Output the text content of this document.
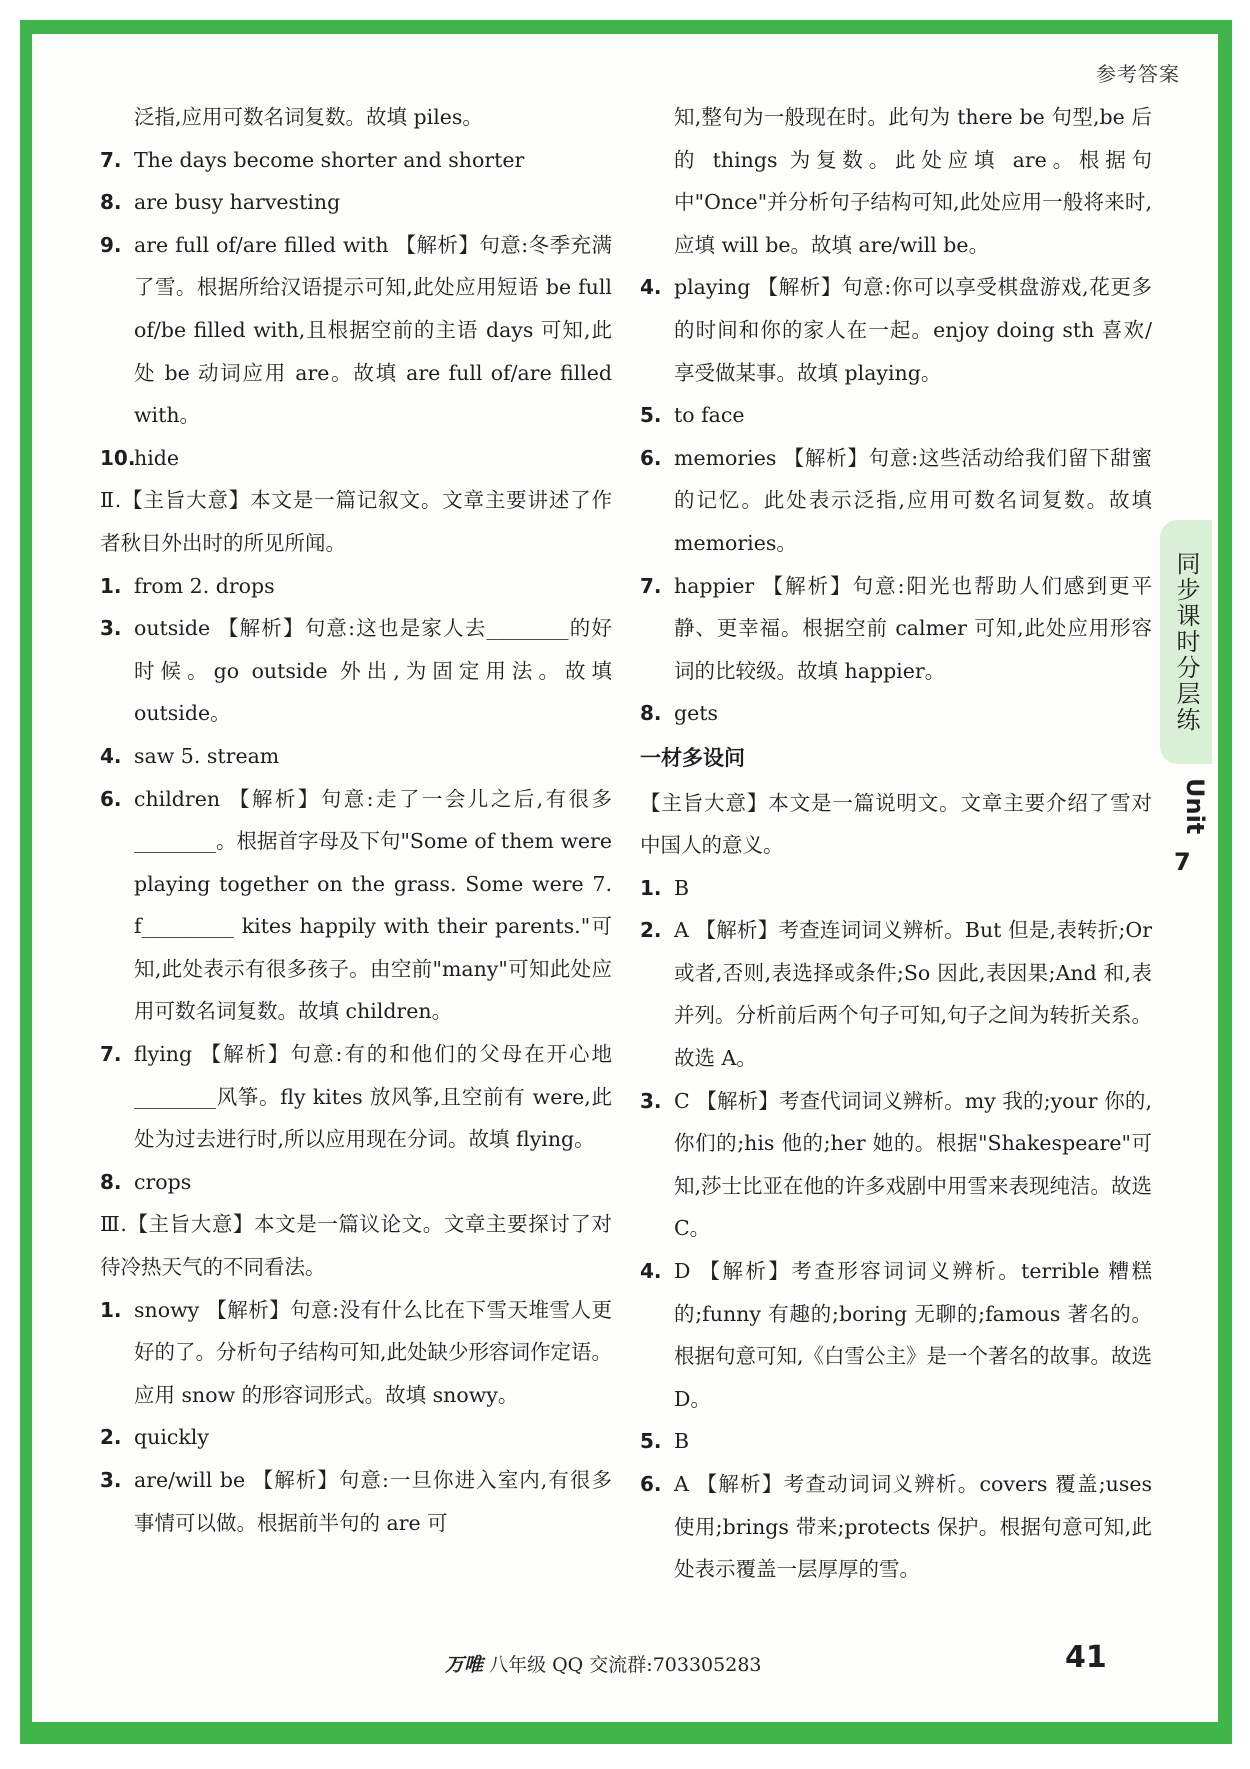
参考答案

泛指,应用可数名词复数。故填 piles。

7. The days become shorter and shorter

8. are busy harvesting

9. are full of/are filled with 【解析】句意:冬季充满了雪。根据所给汉语提示可知,此处应用短语 be full of/be filled with,且根据空前的主语 days 可知,此处 be 动词应用 are。故填 are full of/are filled with。

10.hide

Ⅱ.【主旨大意】本文是一篇记叙文。文章主要讲述了作者秋日外出时的所见所闻。

1. from 2. drops

3. outside 【解析】句意:这也是家人去________的好时候。go outside 外出,为固定用法。故填 outside。

4. saw 5. stream

6. children 【解析】句意:走了一会儿之后,有很多________。根据首字母及下句"Some of them were playing together on the grass. Some were 7. f_________ kites happily with their parents."可知,此处表示有很多孩子。由空前"many"可知此处应用可数名词复数。故填 children。

7. flying 【解析】句意:有的和他们的父母在开心地________风筝。fly kites 放风筝,且空前有 were,此处为过去进行时,所以应用现在分词。故填 flying。

8. crops

Ⅲ.【主旨大意】本文是一篇议论文。文章主要探讨了对待冷热天气的不同看法。

1. snowy 【解析】句意:没有什么比在下雪天堆雪人更好的了。分析句子结构可知,此处缺少形容词作定语。应用 snow 的形容词形式。故填 snowy。

2. quickly

3. are/will be 【解析】句意:一旦你进入室内,有很多事情可以做。根据前半句的 are 可

知,整句为一般现在时。此句为 there be 句型,be 后的 things 为复数。此处应填 are。根据句中"Once"并分析句子结构可知,此处应用一般将来时,应填 will be。故填 are/will be。

4. playing 【解析】句意:你可以享受棋盘游戏,花更多的时间和你的家人在一起。enjoy doing sth 喜欢/享受做某事。故填 playing。

5. to face

6. memories 【解析】句意:这些活动给我们留下甜蜜的记忆。此处表示泛指,应用可数名词复数。故填 memories。

7. happier 【解析】句意:阳光也帮助人们感到更平静、更幸福。根据空前 calmer 可知,此处应用形容词的比较级。故填 happier。

8. gets

一材多设问

【主旨大意】本文是一篇说明文。文章主要介绍了雪对中国人的意义。

1. B

2. A 【解析】考查连词词义辨析。But 但是,表转折;Or 或者,否则,表选择或条件;So 因此,表因果;And 和,表并列。分析前后两个句子可知,句子之间为转折关系。故选 A。

3. C 【解析】考查代词词义辨析。my 我的;your 你的,你们的;his 他的;her 她的。根据"Shakespeare"可知,莎士比亚在他的许多戏剧中用雪来表现纯洁。故选 C。

4. D 【解析】考查形容词词义辨析。terrible 糟糕的;funny 有趣的;boring 无聊的;famous 著名的。根据句意可知,《白雪公主》是一个著名的故事。故选 D。

5. B

6. A 【解析】考查动词词义辨析。covers 覆盖;uses 使用;brings 带来;protects 保护。根据句意可知,此处表示覆盖一层厚厚的雪。

同步课时分层练
Unit
7
万唯 八年级 QQ 交流群:703305283	41
